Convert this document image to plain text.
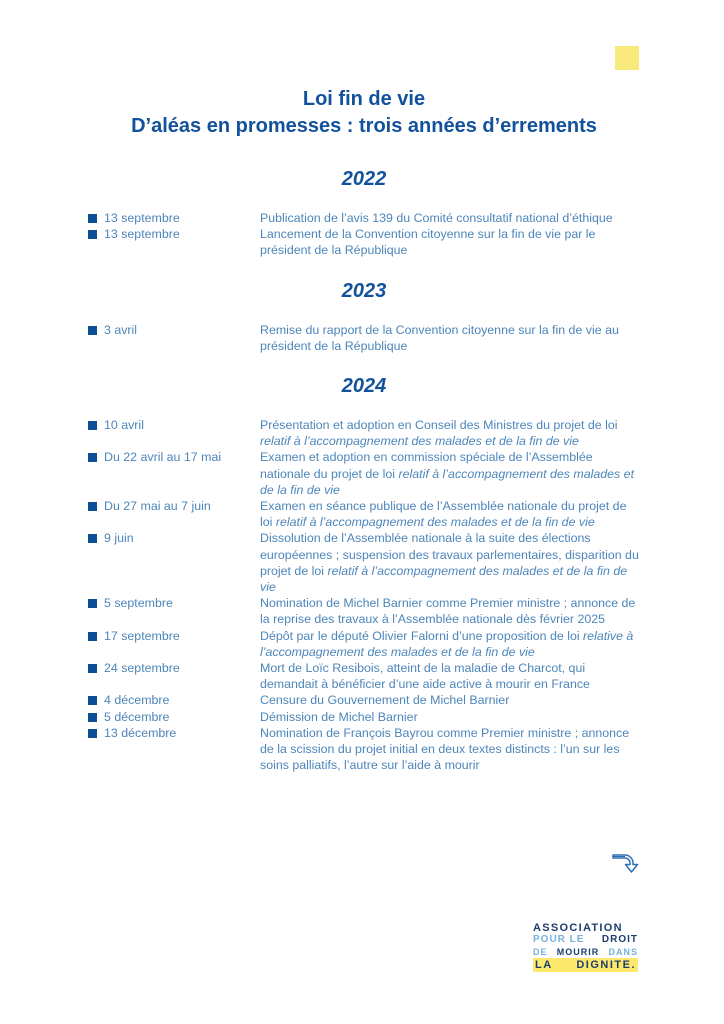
Loi fin de vie
D’aléas en promesses : trois années d’errements
2022
13 septembre	Publication de l’avis 139 du Comité consultatif national d’éthique
13 septembre	Lancement de la Convention citoyenne sur la fin de vie par le président de la République
2023
3 avril	Remise du rapport de la Convention citoyenne sur la fin de vie au président de la République
2024
10 avril	Présentation et adoption en Conseil des Ministres du projet de loi relatif à l’accompagnement des malades et de la fin de vie
Du 22 avril au 17 mai	Examen et adoption en commission spéciale de l’Assemblée nationale du projet de loi relatif à l’accompagnement des malades et de la fin de vie
Du 27 mai au 7 juin	Examen en séance publique de l’Assemblée nationale du projet de loi relatif à l’accompagnement des malades et de la fin de vie
9 juin	Dissolution de l’Assemblée nationale à la suite des élections européennes ; suspension des travaux parlementaires, disparition du projet de loi relatif à l’accompagnement des malades et de la fin de vie
5 septembre	Nomination de Michel Barnier comme Premier ministre ; annonce de la reprise des travaux à l’Assemblée nationale dès février 2025
17 septembre	Dépôt par le député Olivier Falorni d’une proposition de loi relative à l’accompagnement des malades et de la fin de vie
24 septembre	Mort de Loïc Resibois, atteint de la maladie de Charcot, qui demandait à bénéficier d’une aide active à mourir en France
4 décembre	Censure du Gouvernement de Michel Barnier
5 décembre	Démission de Michel Barnier
13 décembre	Nomination de François Bayrou comme Premier ministre ; annonce de la scission du projet initial en deux textes distincts : l’un sur les soins palliatifs, l’autre sur l’aide à mourir
ASSOCIATION
POUR LE DROIT
DE MOURIR DANS
LA DIGNITE.
